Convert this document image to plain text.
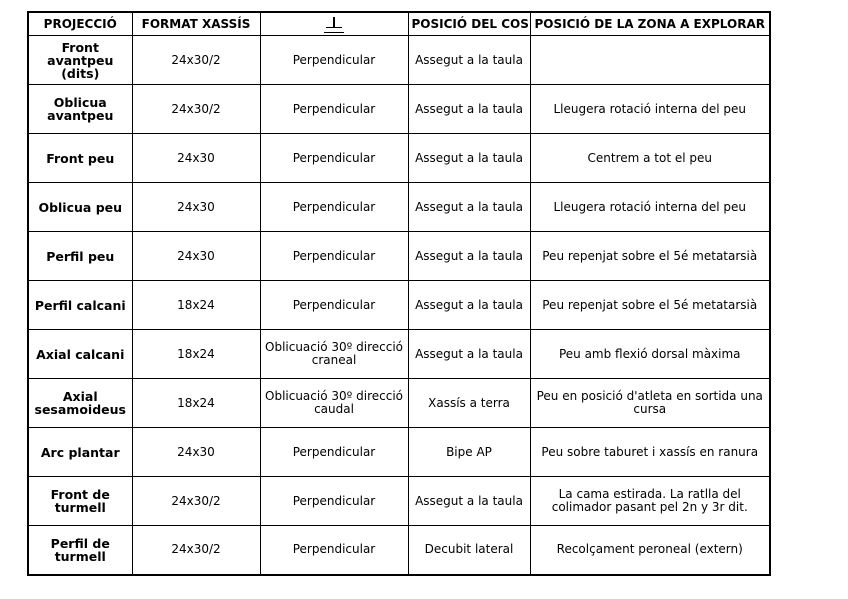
PROJECCIÓ	FORMAT XASSÍS		POSICIÓ DEL COS	POSICIÓ DE LA ZONA A EXPLORAR
Front avantpeu (dits)	24x30/2	Perpendicular	Assegut a la taula	
Oblicua avantpeu	24x30/2	Perpendicular	Assegut a la taula	Lleugera rotació interna del peu
Front peu	24x30	Perpendicular	Assegut a la taula	Centrem a tot el peu
Oblicua peu	24x30	Perpendicular	Assegut a la taula	Lleugera rotació interna del peu
Perfil peu	24x30	Perpendicular	Assegut a la taula	Peu repenjat sobre el 5é metatarsià
Perfil calcani	18x24	Perpendicular	Assegut a la taula	Peu repenjat sobre el 5é metatarsià
Axial calcani	18x24	Oblicuació 30º direcció craneal	Assegut a la taula	Peu amb flexió dorsal màxima
Axial sesamoideus	18x24	Oblicuació 30º direcció caudal	Xassís a terra	Peu en posició d'atleta en sortida una cursa
Arc plantar	24x30	Perpendicular	Bipe AP	Peu sobre taburet i xassís en ranura
Front de turmell	24x30/2	Perpendicular	Assegut a la taula	La cama estirada. La ratlla del colimador pasant pel 2n y 3r dit.
Perfil de turmell	24x30/2	Perpendicular	Decubit lateral	Recolçament peroneal (extern)
